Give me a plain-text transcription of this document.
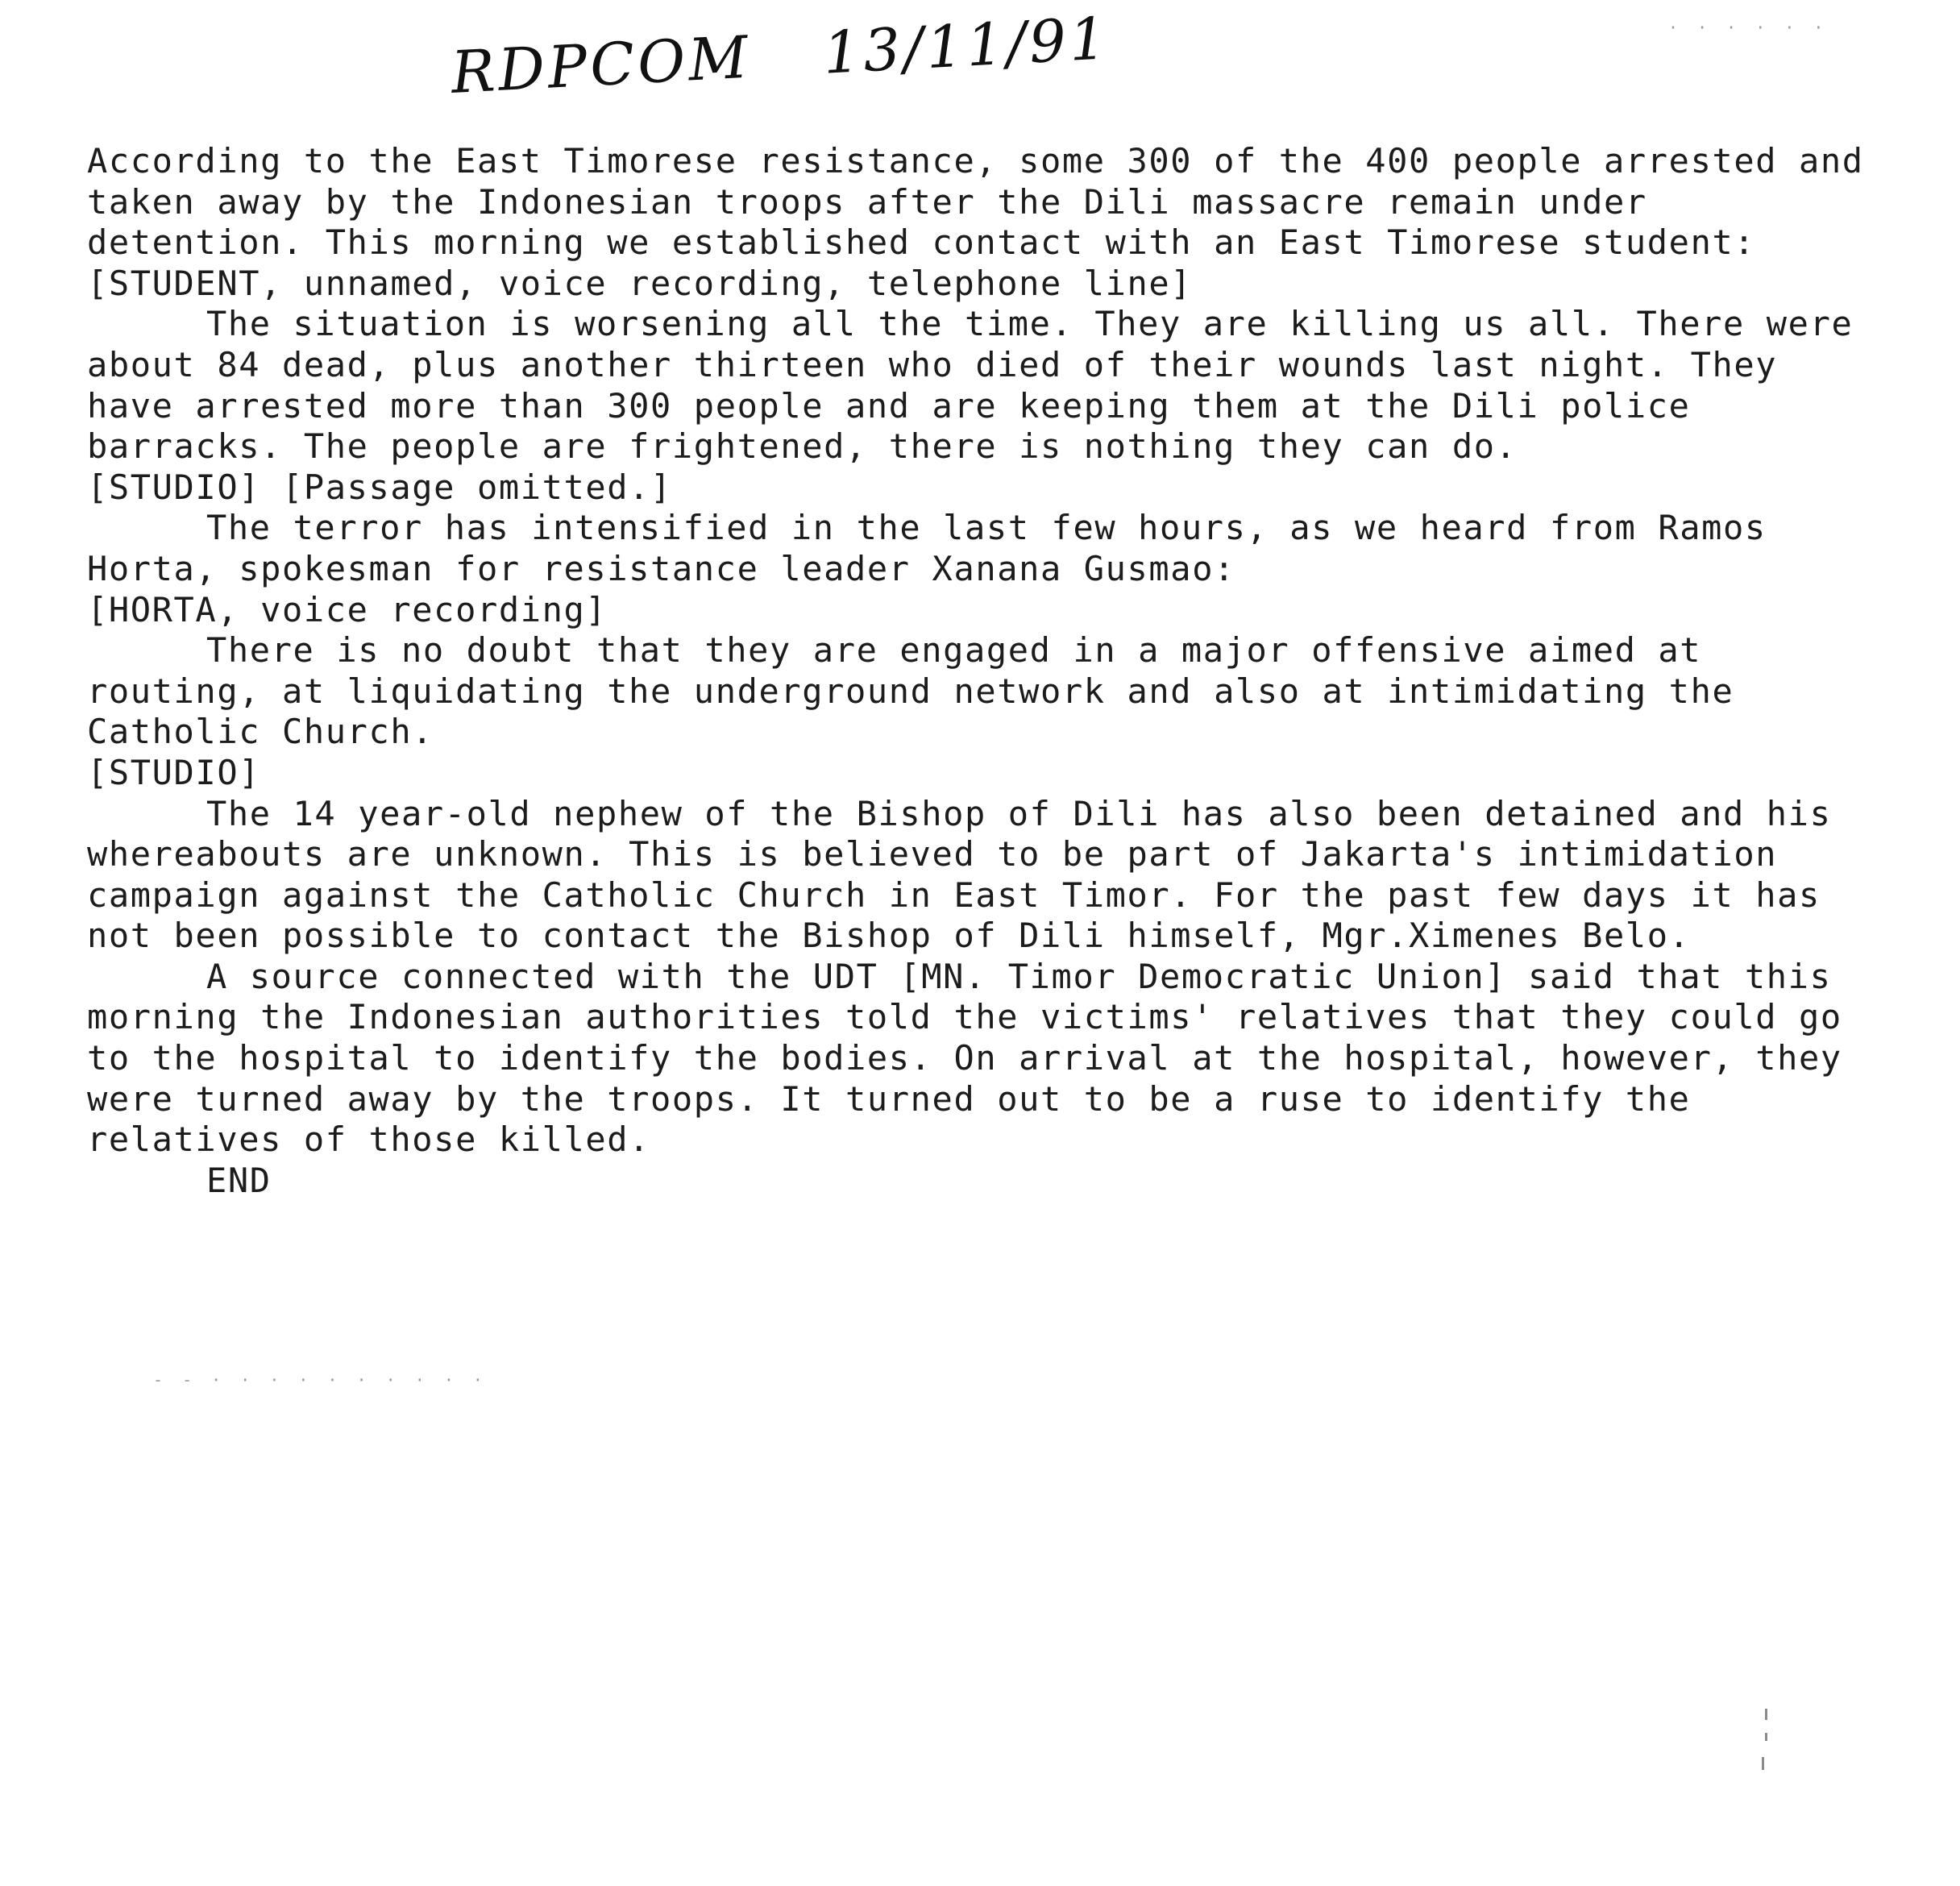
· · · · · ·
RDPCOM 13/11/91

According to the East Timorese resistance, some 300 of the 400 people arrested and taken away by the Indonesian troops after the Dili massacre remain under detention. This morning we established contact with an East Timorese student:

[STUDENT, unnamed, voice recording, telephone line]

The situation is worsening all the time. They are killing us all. There were about 84 dead, plus another thirteen who died of their wounds last night. They have arrested more than 300 people and are keeping them at the Dili police barracks. The people are frightened, there is nothing they can do.

[STUDIO] [Passage omitted.]

The terror has intensified in the last few hours, as we heard from Ramos Horta, spokesman for resistance leader Xanana Gusmao:

[HORTA, voice recording]

There is no doubt that they are engaged in a major offensive aimed at routing, at liquidating the underground network and also at intimidating the Catholic Church.

[STUDIO]

The 14 year-old nephew of the Bishop of Dili has also been detained and his whereabouts are unknown. This is believed to be part of Jakarta's intimidation campaign against the Catholic Church in East Timor. For the past few days it has not been possible to contact the Bishop of Dili himself, Mgr.Ximenes Belo.

A source connected with the UDT [MN. Timor Democratic Union] said that this morning the Indonesian authorities told the victims' relatives that they could go to the hospital to identify the bodies. On arrival at the hospital, however, they were turned away by the troops. It turned out to be a ruse to identify the relatives of those killed.

END

- - · · · · · · · · · ·
